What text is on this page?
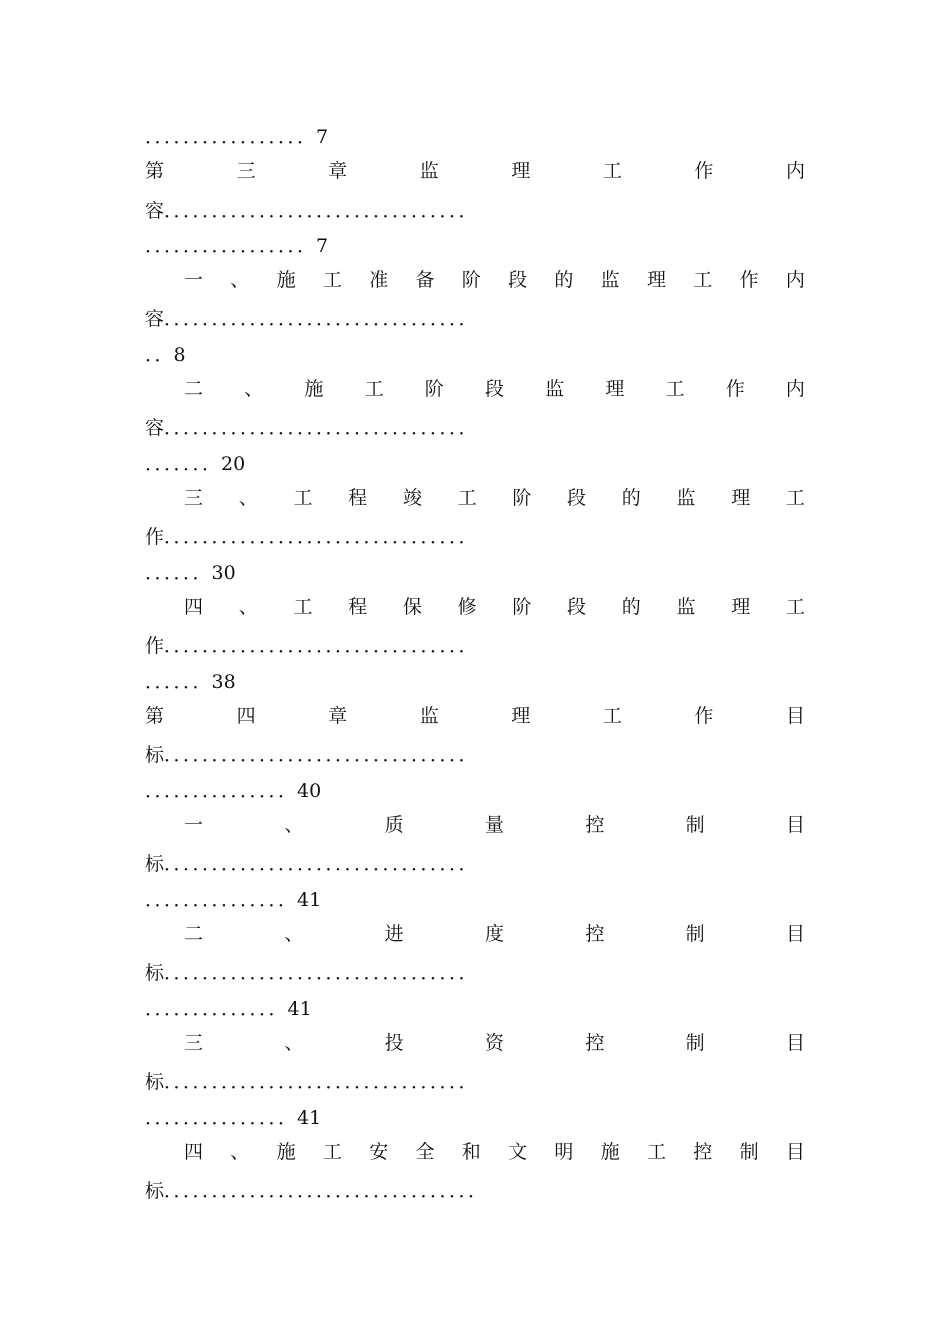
．．．．．．．．．．．．．．．．．7
第	三	章	监	理	工	作	内
容．．．．．．．．．．．．．．．．．．．．．．．．．．．．．．．．
．．．．．．．．．．．．．．．．．7
一 、 施 工 准 备 阶 段 的 监 理 工 作 内
容．．．．．．．．．．．．．．．．．．．．．．．．．．．．．．．．
．．8
二 、 施 工 阶 段 监 理 工 作 内
容．．．．．．．．．．．．．．．．．．．．．．．．．．．．．．．．
．．．．．．．20
三 、 工 程 竣 工 阶 段 的 监 理 工
作．．．．．．．．．．．．．．．．．．．．．．．．．．．．．．．．
．．．．．．30
四 、 工 程 保 修 阶 段 的 监 理 工
作．．．．．．．．．．．．．．．．．．．．．．．．．．．．．．．．
．．．．．．38
第	四	章	监	理	工	作	目
标．．．．．．．．．．．．．．．．．．．．．．．．．．．．．．．．
．．．．．．．．．．．．．．．40
一	、	质	量	控	制	目
标．．．．．．．．．．．．．．．．．．．．．．．．．．．．．．．．
．．．．．．．．．．．．．．．41
二	、	进	度	控	制	目
标．．．．．．．．．．．．．．．．．．．．．．．．．．．．．．．．
．．．．．．．．．．．．．．41
三	、	投	资	控	制	目
标．．．．．．．．．．．．．．．．．．．．．．．．．．．．．．．．
．．．．．．．．．．．．．．．41
四 、 施 工 安 全 和 文 明 施 工 控 制 目
标．．．．．．．．．．．．．．．．．．．．．．．．．．．．．．．．．
